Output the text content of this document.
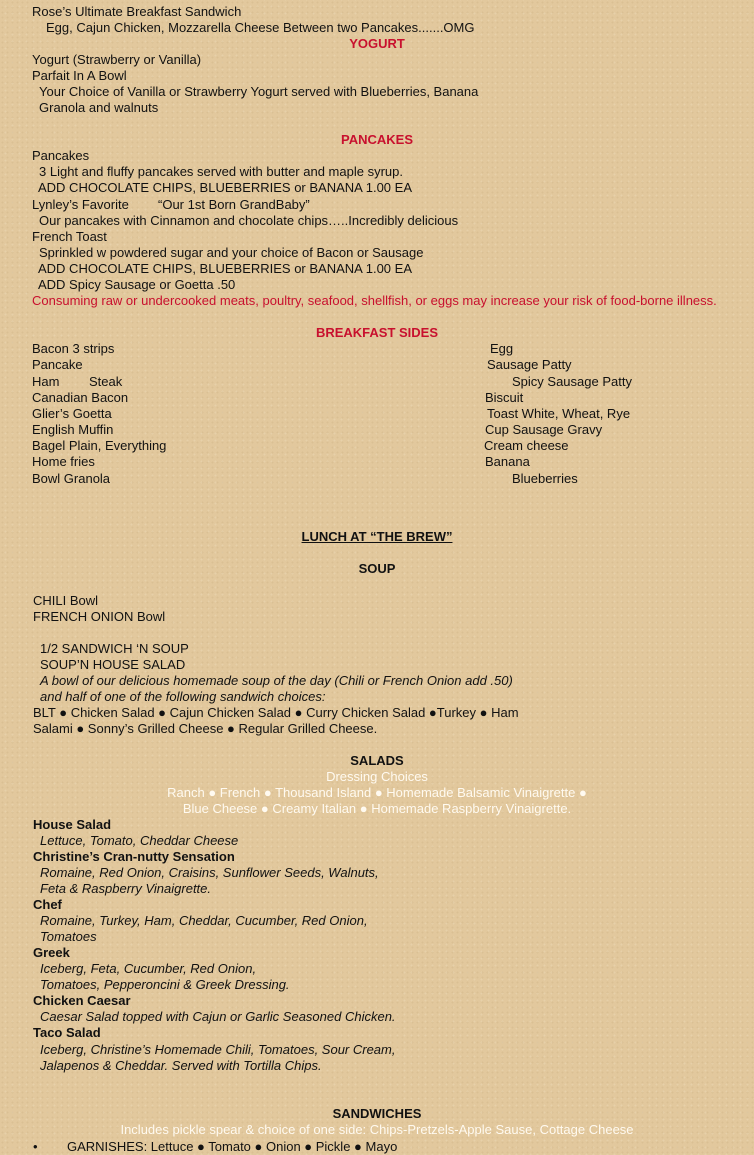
Rose’s Ultimate Breakfast Sandwich
Egg, Cajun Chicken, Mozzarella Cheese Between two Pancakes.......OMG
YOGURT
Yogurt (Strawberry or Vanilla)
Parfait In A Bowl
Your Choice of Vanilla or Strawberry Yogurt served with Blueberries, Banana
Granola and walnuts
PANCAKES
Pancakes
3 Light and fluffy pancakes served with butter and maple syrup.
ADD CHOCOLATE CHIPS, BLUEBERRIES or BANANA 1.00 EA
Lynley’s Favorite “Our 1st Born GrandBaby”
Our pancakes with Cinnamon and chocolate chips…..Incredibly delicious
French Toast
Sprinkled w powdered sugar and your choice of Bacon or Sausage
ADD CHOCOLATE CHIPS, BLUEBERRIES or BANANA 1.00 EA
ADD Spicy Sausage or Goetta .50
Consuming raw or undercooked meats, poultry, seafood, shellfish, or eggs may increase your risk of food-borne illness.
BREAKFAST SIDES
Bacon 3 strips
Pancake
Ham Steak
Canadian Bacon
Glier’s Goetta
English Muffin
Bagel Plain, Everything
Home fries
Bowl Granola
Egg
Sausage Patty
Spicy Sausage Patty
Biscuit
Toast White, Wheat, Rye
Cup Sausage Gravy
Cream cheese
Banana
Blueberries
LUNCH AT “THE BREW”
SOUP
CHILI Bowl
FRENCH ONION Bowl
1/2 SANDWICH ‘N SOUP
SOUP’N HOUSE SALAD
A bowl of our delicious homemade soup of the day (Chili or French Onion add .50)
and half of one of the following sandwich choices:
BLT ● Chicken Salad ● Cajun Chicken Salad ● Curry Chicken Salad ●Turkey ● Ham
Salami ● Sonny’s Grilled Cheese ● Regular Grilled Cheese.
SALADS
Dressing Choices
Ranch ● French ● Thousand Island ● Homemade Balsamic Vinaigrette ●
Blue Cheese ● Creamy Italian ● Homemade Raspberry Vinaigrette.
House Salad
Lettuce, Tomato, Cheddar Cheese
Christine’s Cran-nutty Sensation
Romaine, Red Onion, Craisins, Sunflower Seeds, Walnuts,
Feta & Raspberry Vinaigrette.
Chef
Romaine, Turkey, Ham, Cheddar, Cucumber, Red Onion,
Tomatoes
Greek
Iceberg, Feta, Cucumber, Red Onion,
Tomatoes, Pepperoncini & Greek Dressing.
Chicken Caesar
Caesar Salad topped with Cajun or Garlic Seasoned Chicken.
Taco Salad
Iceberg, Christine’s Homemade Chili, Tomatoes, Sour Cream,
Jalapenos & Cheddar. Served with Tortilla Chips.
SANDWICHES
Includes pickle spear & choice of one side: Chips-Pretzels-Apple Sause, Cottage Cheese
• GARNISHES: Lettuce ● Tomato ● Onion ● Pickle ● Mayo
